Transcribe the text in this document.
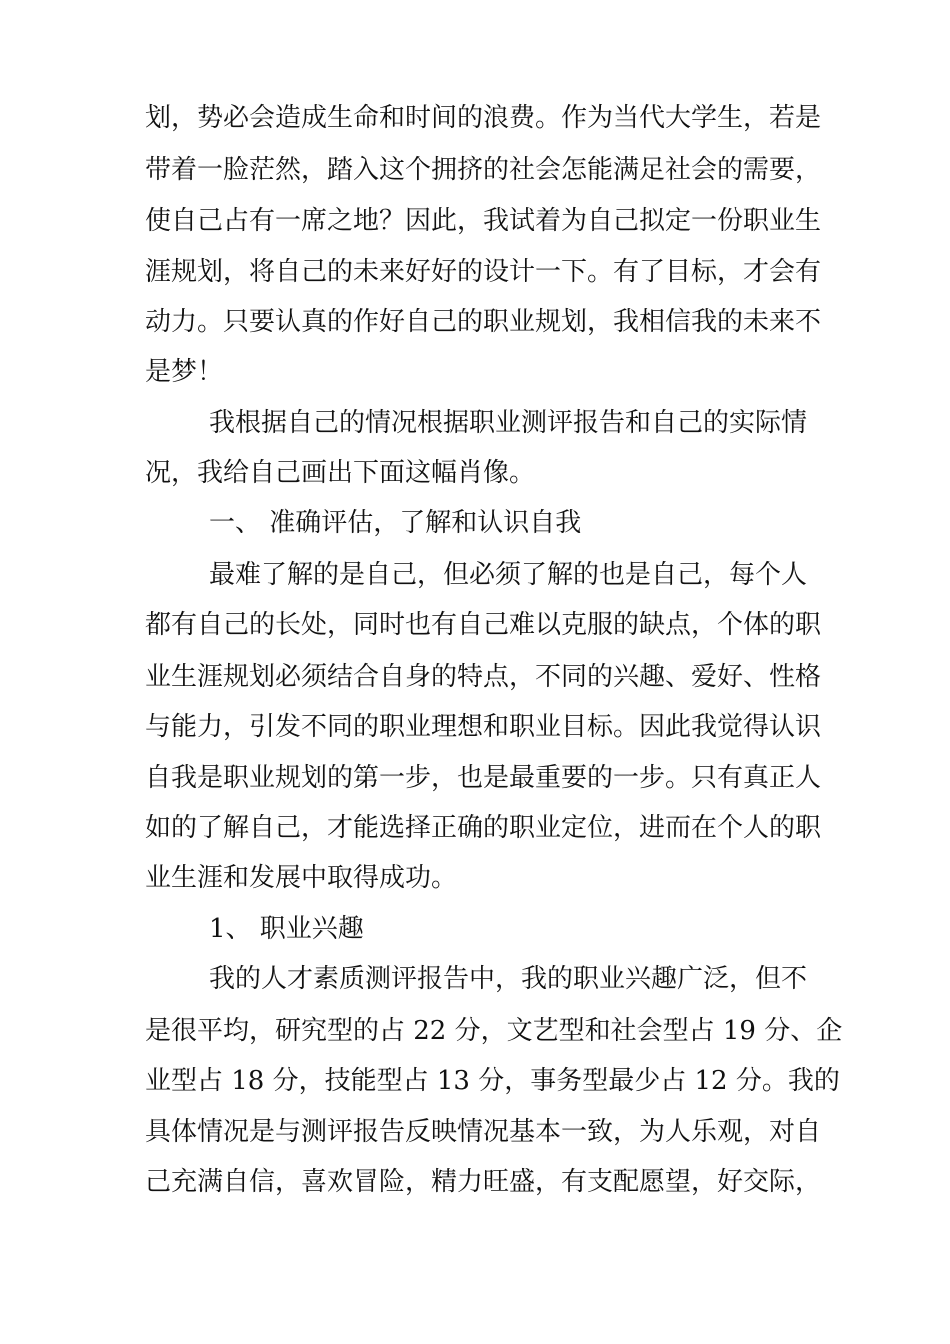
划，势必会造成生命和时间的浪费。作为当代大学生，若是
带着一脸茫然，踏入这个拥挤的社会怎能满足社会的需要，
使自己占有一席之地？因此，我试着为自己拟定一份职业生
涯规划，将自己的未来好好的设计一下。有了目标，才会有
动力。只要认真的作好自己的职业规划，我相信我的未来不
是梦！
我根据自己的情况根据职业测评报告和自己的实际情
况，我给自己画出下面这幅肖像。
一、 准确评估，了解和认识自我
最难了解的是自己，但必须了解的也是自己，每个人
都有自己的长处，同时也有自己难以克服的缺点，个体的职
业生涯规划必须结合自身的特点，不同的兴趣、爱好、性格
与能力，引发不同的职业理想和职业目标。因此我觉得认识
自我是职业规划的第一步，也是最重要的一步。只有真正人
如的了解自己，才能选择正确的职业定位，进而在个人的职
业生涯和发展中取得成功。
1、 职业兴趣
我的人才素质测评报告中，我的职业兴趣广泛，但不
是很平均，研究型的占 22 分，文艺型和社会型占 19 分、企
业型占 18 分，技能型占 13 分，事务型最少占 12 分。我的
具体情况是与测评报告反映情况基本一致，为人乐观，对自
己充满自信，喜欢冒险，精力旺盛，有支配愿望，好交际，
